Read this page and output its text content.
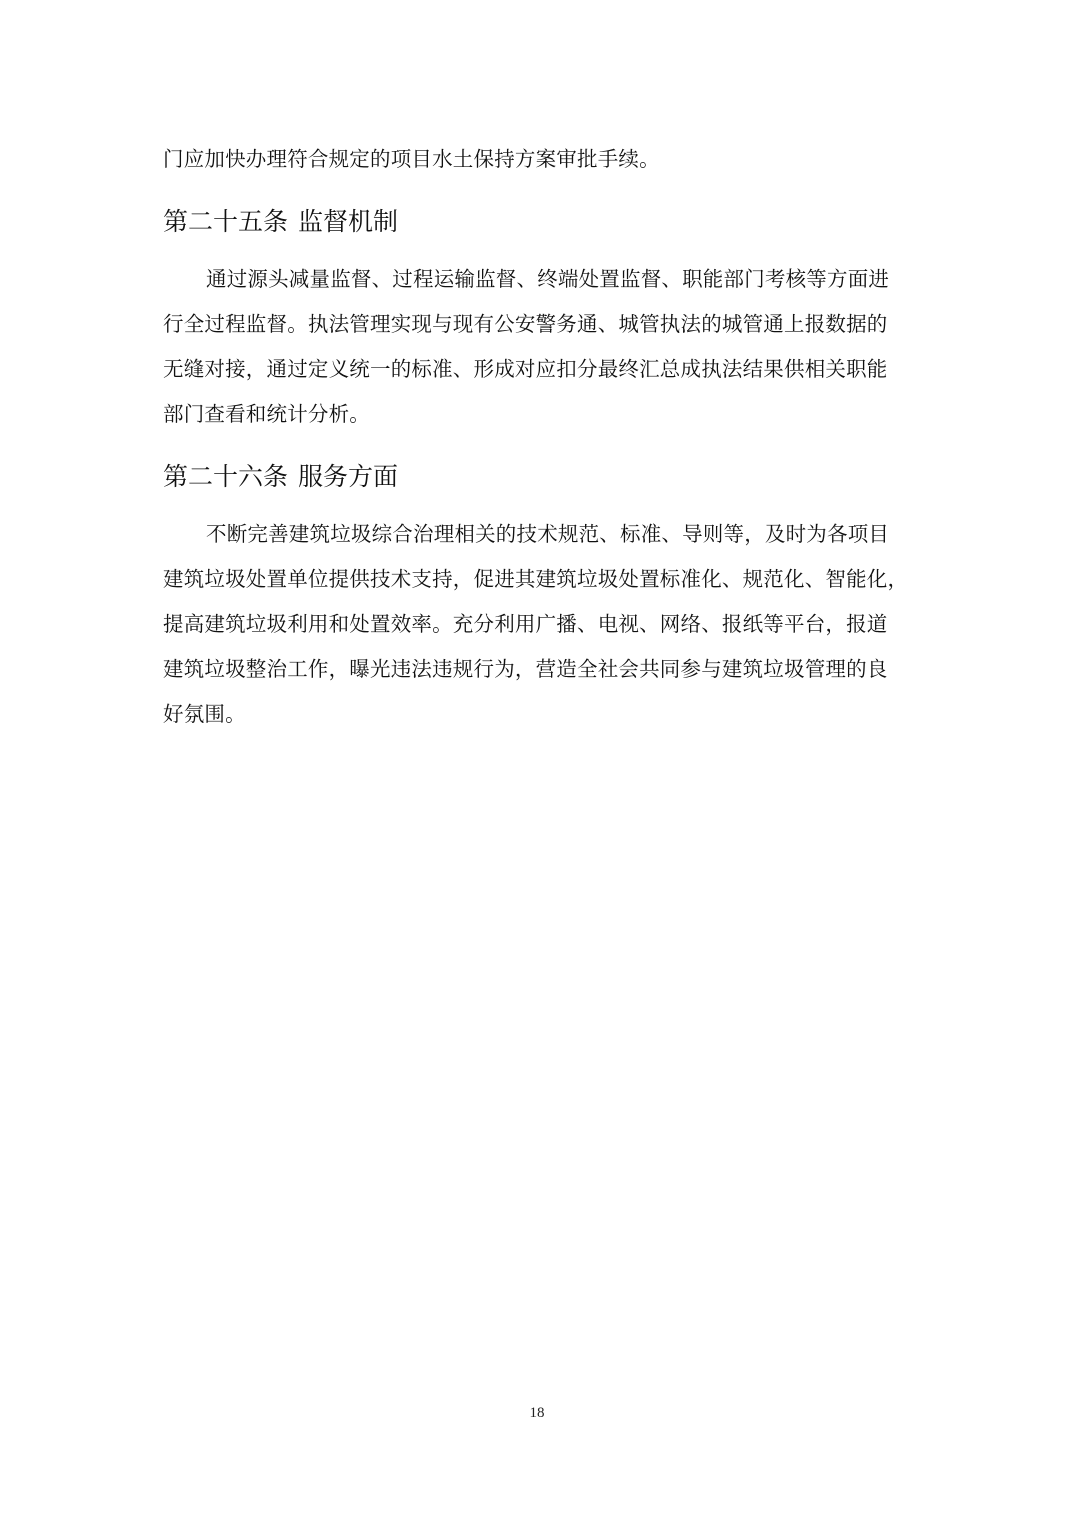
门应加快办理符合规定的项目水土保持方案审批手续。
第二十五条 监督机制
通过源头减量监督、过程运输监督、终端处置监督、职能部门考核等方面进
行全过程监督。执法管理实现与现有公安警务通、城管执法的城管通上报数据的
无缝对接，通过定义统一的标准、形成对应扣分最终汇总成执法结果供相关职能
部门查看和统计分析。
第二十六条 服务方面
不断完善建筑垃圾综合治理相关的技术规范、标准、导则等，及时为各项目
建筑垃圾处置单位提供技术支持，促进其建筑垃圾处置标准化、规范化、智能化，
提高建筑垃圾利用和处置效率。充分利用广播、电视、网络、报纸等平台，报道
建筑垃圾整治工作，曝光违法违规行为，营造全社会共同参与建筑垃圾管理的良
好氛围。
18
